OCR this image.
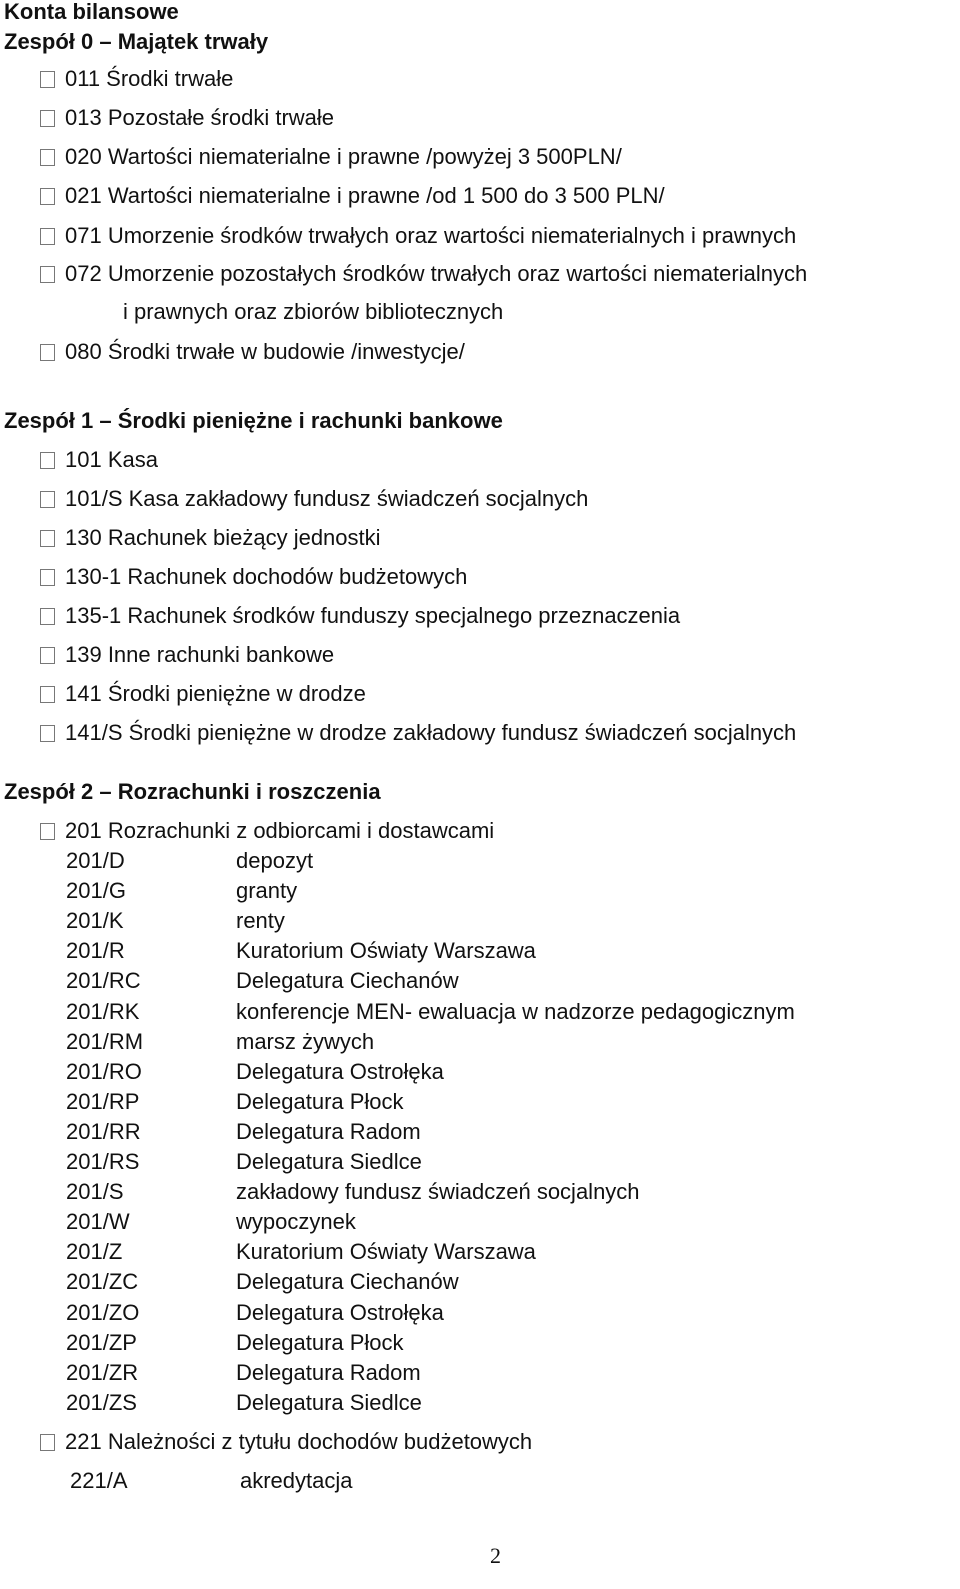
Konta bilansowe
Zespół 0 – Majątek trwały
011 Środki trwałe
013 Pozostałe środki trwałe
020 Wartości niematerialne i prawne /powyżej 3 500PLN/
021 Wartości niematerialne i prawne /od 1 500 do 3 500 PLN/
071 Umorzenie środków trwałych oraz wartości niematerialnych i prawnych
072 Umorzenie pozostałych środków trwałych oraz wartości niematerialnych
i prawnych oraz zbiorów bibliotecznych
080 Środki trwałe w budowie /inwestycje/
Zespół 1 – Środki pieniężne i rachunki bankowe
101 Kasa
101/S Kasa zakładowy fundusz świadczeń socjalnych
130 Rachunek bieżący jednostki
130-1 Rachunek dochodów budżetowych
135-1 Rachunek środków funduszy specjalnego przeznaczenia
139 Inne rachunki bankowe
141 Środki pieniężne w drodze
141/S Środki pieniężne w drodze zakładowy fundusz świadczeń socjalnych
Zespół 2 – Rozrachunki i roszczenia
201 Rozrachunki z odbiorcami i dostawcami
201/D	depozyt
201/G	granty
201/K	renty
201/R	Kuratorium Oświaty Warszawa
201/RC	Delegatura Ciechanów
201/RK	konferencje MEN- ewaluacja w nadzorze pedagogicznym
201/RM	marsz żywych
201/RO	Delegatura Ostrołęka
201/RP	Delegatura Płock
201/RR	Delegatura Radom
201/RS	Delegatura Siedlce
201/S	zakładowy fundusz świadczeń socjalnych
201/W	wypoczynek
201/Z	Kuratorium Oświaty Warszawa
201/ZC	Delegatura Ciechanów
201/ZO	Delegatura Ostrołęka
201/ZP	Delegatura Płock
201/ZR	Delegatura Radom
201/ZS	Delegatura Siedlce
221 Należności z tytułu dochodów budżetowych
221/A	akredytacja
2
